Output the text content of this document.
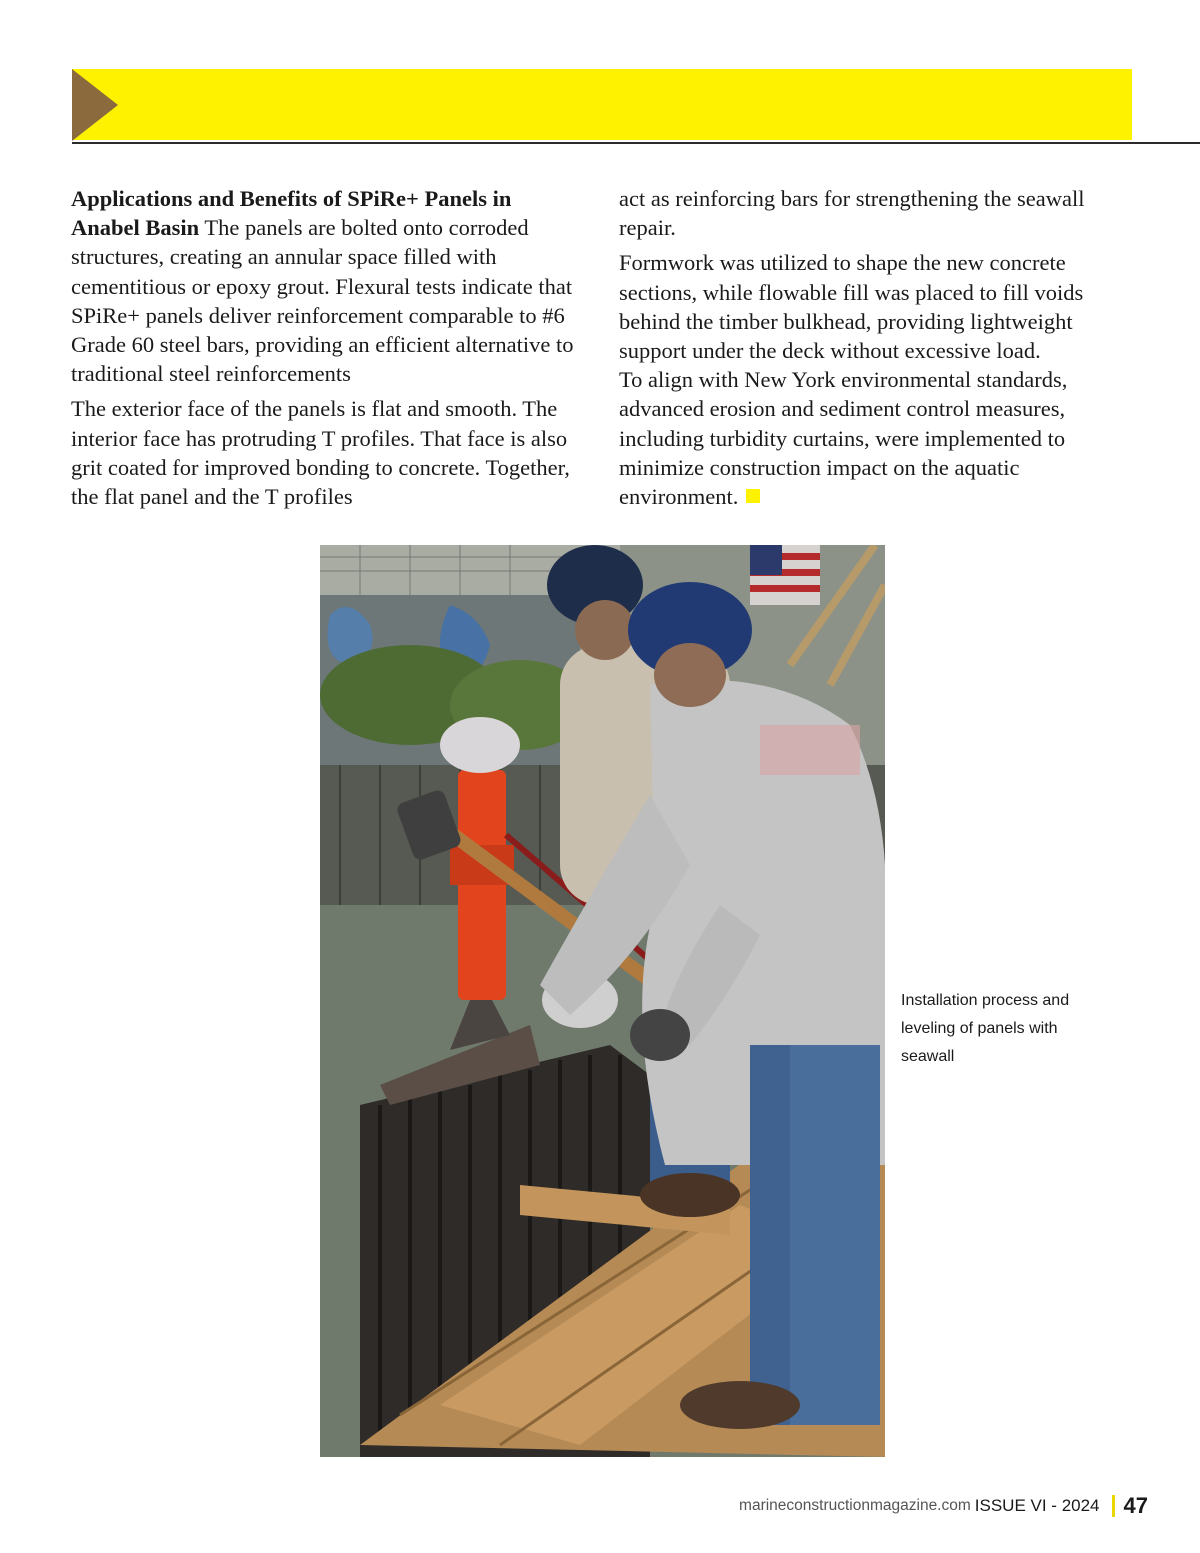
Applications and Benefits of SPiRe+ Panels in Anabel Basin The panels are bolted onto corroded structures, creating an annular space filled with cementitious or epoxy grout. Flexural tests indicate that SPiRe+ panels deliver reinforcement comparable to #6 Grade 60 steel bars, providing an efficient alternative to traditional steel reinforcements

The exterior face of the panels is flat and smooth. The interior face has protruding T profiles. That face is also grit coated for improved bonding to concrete. Together, the flat panel and the T profiles

act as reinforcing bars for strengthening the seawall repair.

Formwork was utilized to shape the new concrete sections, while flowable fill was placed to fill voids behind the timber bulkhead, providing lightweight support under the deck without excessive load.

To align with New York environmental standards, advanced erosion and sediment control measures, including turbidity curtains, were implemented to minimize construction impact on the aquatic environment.

Installation process and leveling of panels with seawall
marineconstructionmagazine.com ISSUE VI - 2024 47
